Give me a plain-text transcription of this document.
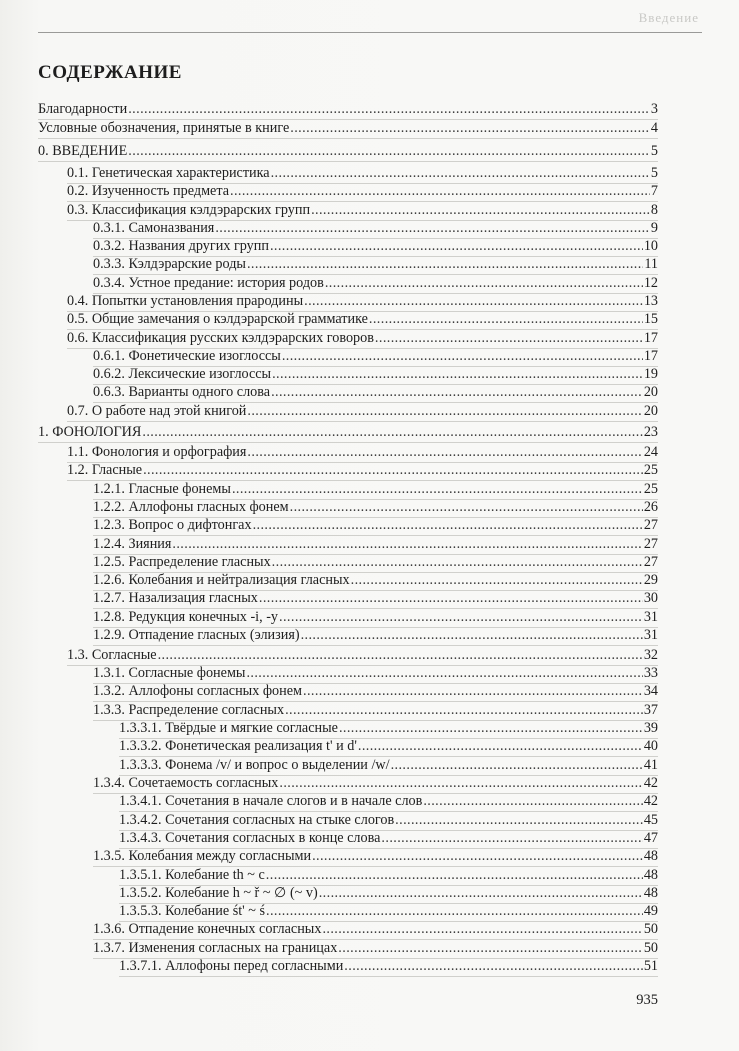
Введение
СОДЕРЖАНИЕ
Благодарности .....	3
Условные обозначения, принятые в книге .....	4
0. ВВЕДЕНИЕ .....	5
0.1. Генетическая характеристика .....	5
0.2. Изученность предмета .....	7
0.3. Классификация кэлдэрарских групп .....	8
0.3.1. Самоназвания .....	9
0.3.2. Названия других групп .....	10
0.3.3. Кэлдэрарские роды .....	11
0.3.4. Устное предание: история родов .....	12
0.4. Попытки установления прародины .....	13
0.5. Общие замечания о кэлдэрарской грамматике .....	15
0.6. Классификация русских кэлдэрарских говоров .....	17
0.6.1. Фонетические изоглоссы .....	17
0.6.2. Лексические изоглоссы .....	19
0.6.3. Варианты одного слова .....	20
0.7. О работе над этой книгой .....	20
1. ФОНОЛОГИЯ .....	23
1.1. Фонология и орфография .....	24
1.2. Гласные .....	25
1.2.1. Гласные фонемы .....	25
1.2.2. Аллофоны гласных фонем .....	26
1.2.3. Вопрос о дифтонгах .....	27
1.2.4. Зияния .....	27
1.2.5. Распределение гласных .....	27
1.2.6. Колебания и нейтрализация гласных .....	29
1.2.7. Назализация гласных .....	30
1.2.8. Редукция конечных -i, -y .....	31
1.2.9. Отпадение гласных (элизия) .....	31
1.3. Согласные .....	32
1.3.1. Согласные фонемы .....	33
1.3.2. Аллофоны согласных фонем .....	34
1.3.3. Распределение согласных .....	37
1.3.3.1. Твёрдые и мягкие согласные .....	39
1.3.3.2. Фонетическая реализация t' и d' .....	40
1.3.3.3. Фонема /v/ и вопрос о выделении /w/ .....	41
1.3.4. Сочетаемость согласных .....	42
1.3.4.1. Сочетания в начале слогов и в начале слов .....	42
1.3.4.2. Сочетания согласных на стыке слогов .....	45
1.3.4.3. Сочетания согласных в конце слова .....	47
1.3.5. Колебания между согласными .....	48
1.3.5.1. Колебание th ~ c .....	48
1.3.5.2. Колебание h ~ ř ~ ∅ (~ v) .....	48
1.3.5.3. Колебание śt' ~ ś .....	49
1.3.6. Отпадение конечных согласных .....	50
1.3.7. Изменения согласных на границах .....	50
1.3.7.1. Аллофоны перед согласными .....	51
935
